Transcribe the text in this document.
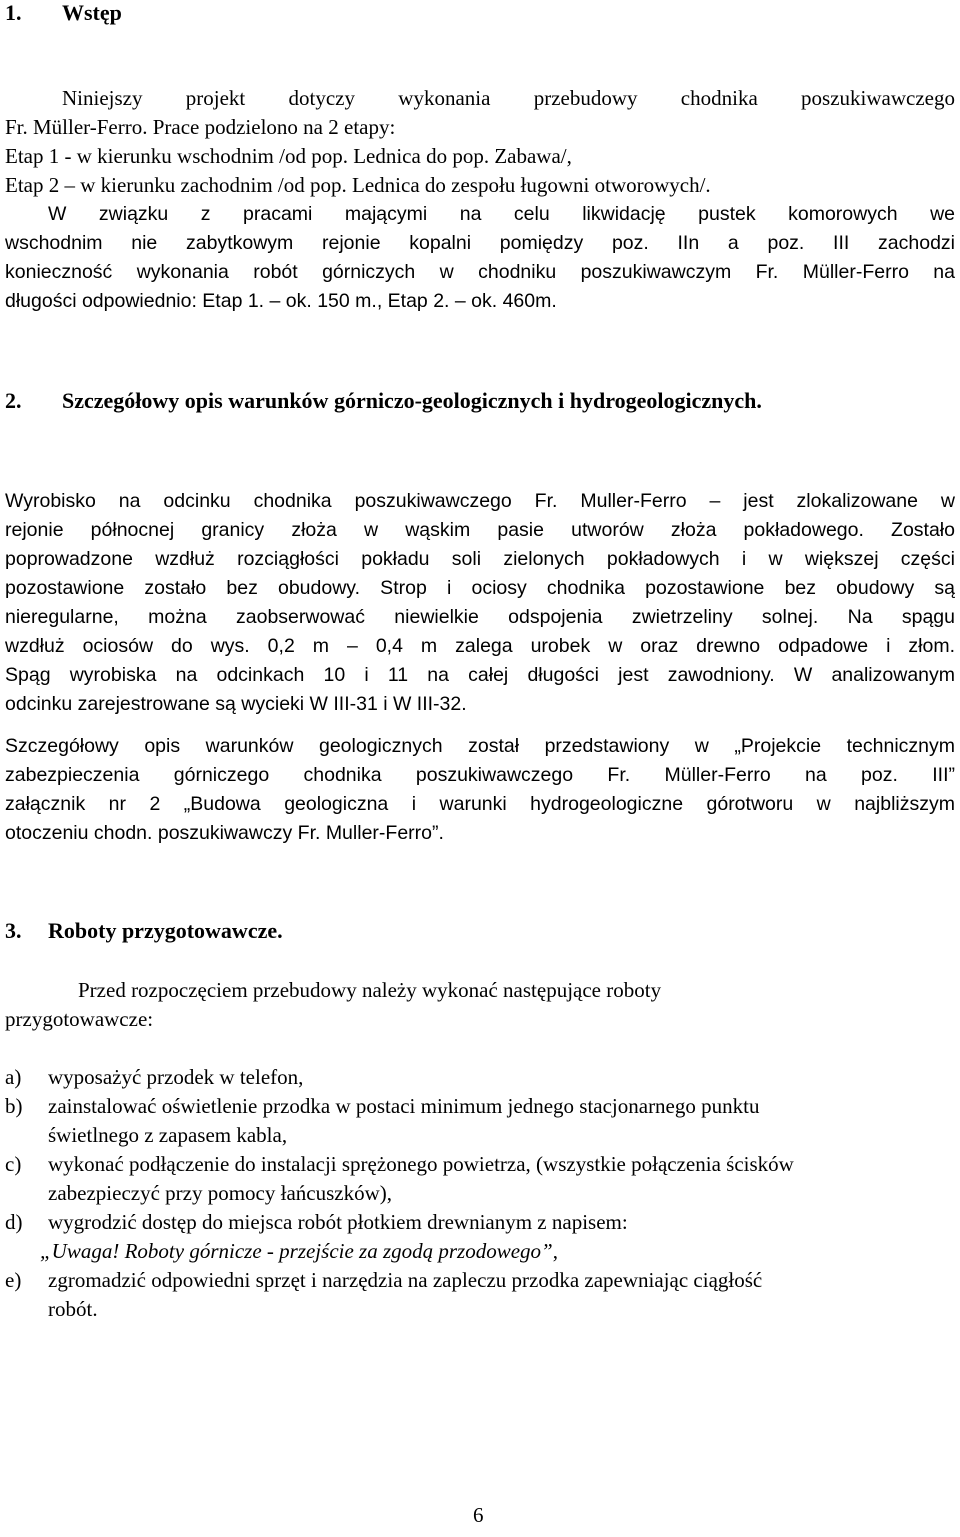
1. Wstęp
Niniejszy projekt dotyczy wykonania przebudowy chodnika poszukiwawczego
Fr. Müller-Ferro. Prace podzielono na 2 etapy:
Etap 1 - w kierunku wschodnim /od pop. Lednica do pop. Zabawa/,
Etap 2 – w kierunku zachodnim /od pop. Lednica do zespołu ługowni otworowych/.
W związku z pracami mającymi na celu likwidację pustek komorowych we
wschodnim nie zabytkowym rejonie kopalni pomiędzy poz. IIn a poz. III zachodzi
konieczność wykonania robót górniczych w chodniku poszukiwawczym Fr. Müller-Ferro na
długości odpowiednio: Etap 1. – ok. 150 m., Etap 2. – ok. 460m.
2. Szczegółowy opis warunków górniczo-geologicznych i hydrogeologicznych.
Wyrobisko na odcinku chodnika poszukiwawczego Fr. Muller-Ferro – jest zlokalizowane w
rejonie północnej granicy złoża w wąskim pasie utworów złoża pokładowego. Zostało
poprowadzone wzdłuż rozciągłości pokładu soli zielonych pokładowych i w większej części
pozostawione zostało bez obudowy. Strop i ociosy chodnika pozostawione bez obudowy są
nieregularne, można zaobserwować niewielkie odspojenia zwietrzeliny solnej. Na spągu
wzdłuż ociosów do wys. 0,2 m – 0,4 m zalega urobek w oraz drewno odpadowe i złom.
Spąg wyrobiska na odcinkach 10 i 11 na całej długości jest zawodniony. W analizowanym
odcinku zarejestrowane są wycieki W III-31 i W III-32.
Szczegółowy opis warunków geologicznych został przedstawiony w „Projekcie technicznym
zabezpieczenia górniczego chodnika poszukiwawczego Fr. Müller-Ferro na poz. III”
załącznik nr 2 „Budowa geologiczna i warunki hydrogeologiczne górotworu w najbliższym
otoczeniu chodn. poszukiwawczy Fr. Muller-Ferro”.
3. Roboty przygotowawcze.
Przed rozpoczęciem przebudowy należy wykonać następujące roboty
przygotowawcze:
a) wyposażyć przodek w telefon,
b) zainstalować oświetlenie przodka w postaci minimum jednego stacjonarnego punktu
świetlnego z zapasem kabla,
c) wykonać podłączenie do instalacji sprężonego powietrza, (wszystkie połączenia ścisków
zabezpieczyć przy pomocy łańcuszków),
d) wygrodzić dostęp do miejsca robót płotkiem drewnianym z napisem:
„Uwaga! Roboty górnicze - przejście za zgodą przodowego”,
e) zgromadzić odpowiedni sprzęt i narzędzia na zapleczu przodka zapewniając ciągłość
robót.
6
